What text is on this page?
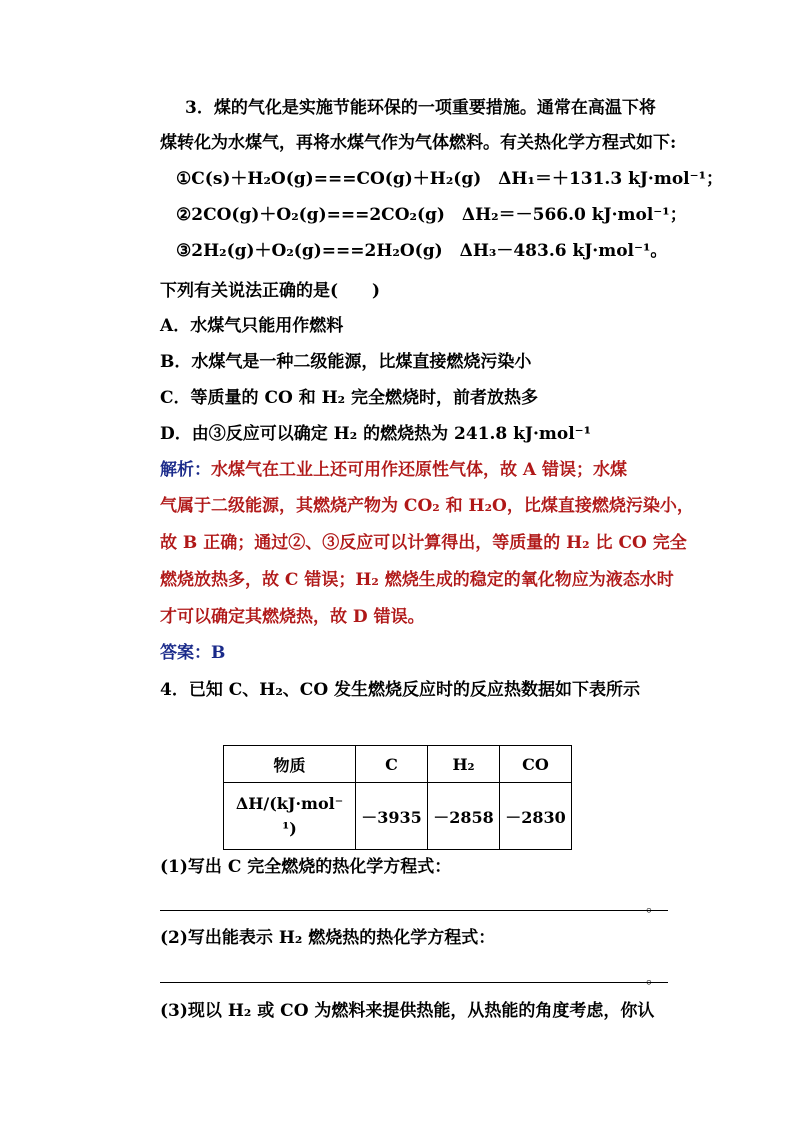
3．煤的气化是实施节能环保的一项重要措施。通常在高温下将
煤转化为水煤气，再将水煤气作为气体燃料。有关热化学方程式如下:
①C(s)＋H₂O(g)===CO(g)＋H₂(g)　ΔH₁＝＋131.3 kJ·mol⁻¹；
②2CO(g)＋O₂(g)===2CO₂(g)　ΔH₂＝－566.0 kJ·mol⁻¹；
③2H₂(g)＋O₂(g)===2H₂O(g)　ΔH₃－483.6 kJ·mol⁻¹。
下列有关说法正确的是(　　)
A．水煤气只能用作燃料
B．水煤气是一种二级能源，比煤直接燃烧污染小
C．等质量的 CO 和 H₂ 完全燃烧时，前者放热多
D．由③反应可以确定 H₂ 的燃烧热为 241.8 kJ·mol⁻¹
解析：水煤气在工业上还可用作还原性气体，故 A 错误；水煤
气属于二级能源，其燃烧产物为 CO₂ 和 H₂O，比煤直接燃烧污染小，
故 B 正确；通过②、③反应可以计算得出，等质量的 H₂ 比 CO 完全
燃烧放热多，故 C 错误；H₂ 燃烧生成的稳定的氧化物应为液态水时
才可以确定其燃烧热，故 D 错误。
答案：B
4．已知 C、H₂、CO 发生燃烧反应时的反应热数据如下表所示
物质	C	H₂	CO

ΔH/(kJ·mol⁻
¹)	－3935	－2858	－2830
(1)写出 C 完全燃烧的热化学方程式：
。
(2)写出能表示 H₂ 燃烧热的热化学方程式：
。
(3)现以 H₂ 或 CO 为燃料来提供热能，从热能的角度考虑，你认
